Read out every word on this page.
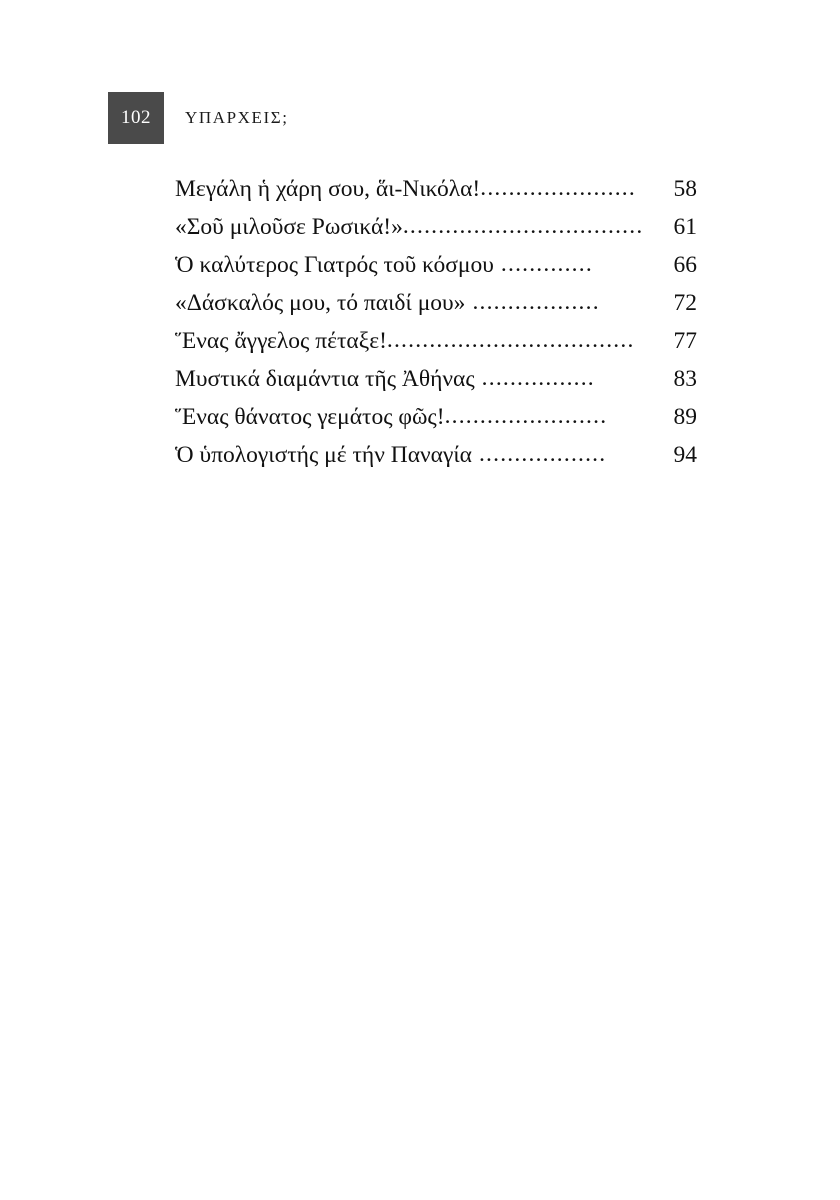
102	ΥΠΑΡΧΕΙΣ;
Μεγάλη ἡ χάρη σου, ἅι-Νικόλα! ......................	58
«Σοῦ μιλοῦσε Ρωσικά!» ..................................	61
Ὁ καλύτερος Γιατρός τοῦ κόσμου .............	66
«Δάσκαλός μου, τό παιδί μου» ..................	72
Ἕνας ἄγγελος πέταξε! ...................................	77
Μυστικά διαμάντια τῆς Ἀθήνας ................	83
Ἕνας θάνατος γεμάτος φῶς! .......................	89
Ὁ ὑπολογιστής μέ τήν Παναγία ..................	94
